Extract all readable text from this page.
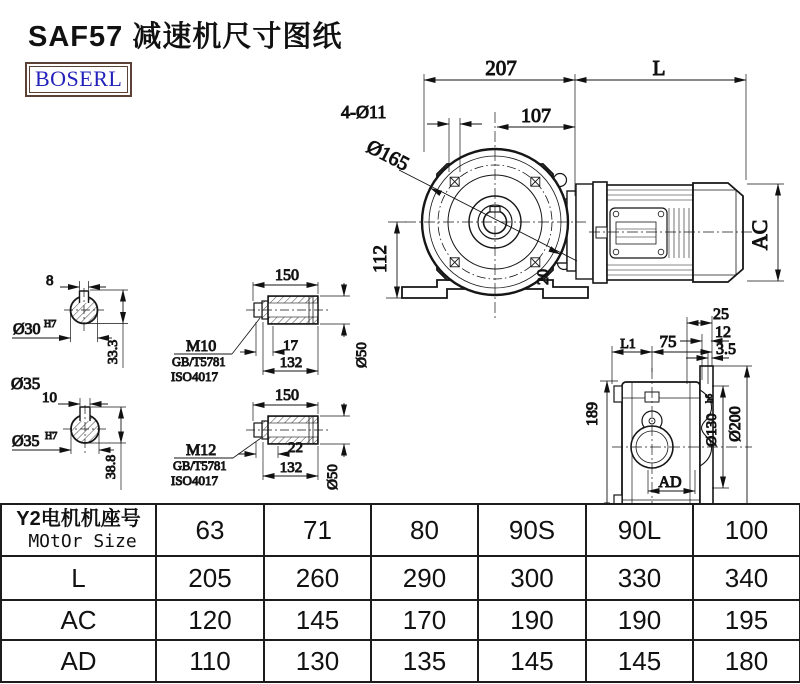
SAF57 减速机尺寸图纸
BOSERL	207	L
107
4-Ø11
Ø165
112
AC
20
L1 75
25
12
3.5
189	Ø130
h6
Ø200
AD
8
Ø30 H7
33.3
Ø35
10
Ø35 H7
38.8
150
17
132	Ø50
M10
GB/T5781
ISO4017
150
22
132 Ø50
M12
GB/T5781
ISO4017
Y2电机机座号
MOtOr Size	63	71	80	90S	90L	100
L	205	260	290	300	330	340
AC	120	145	170	190	190	195
AD	110	130	135	145	145	180
